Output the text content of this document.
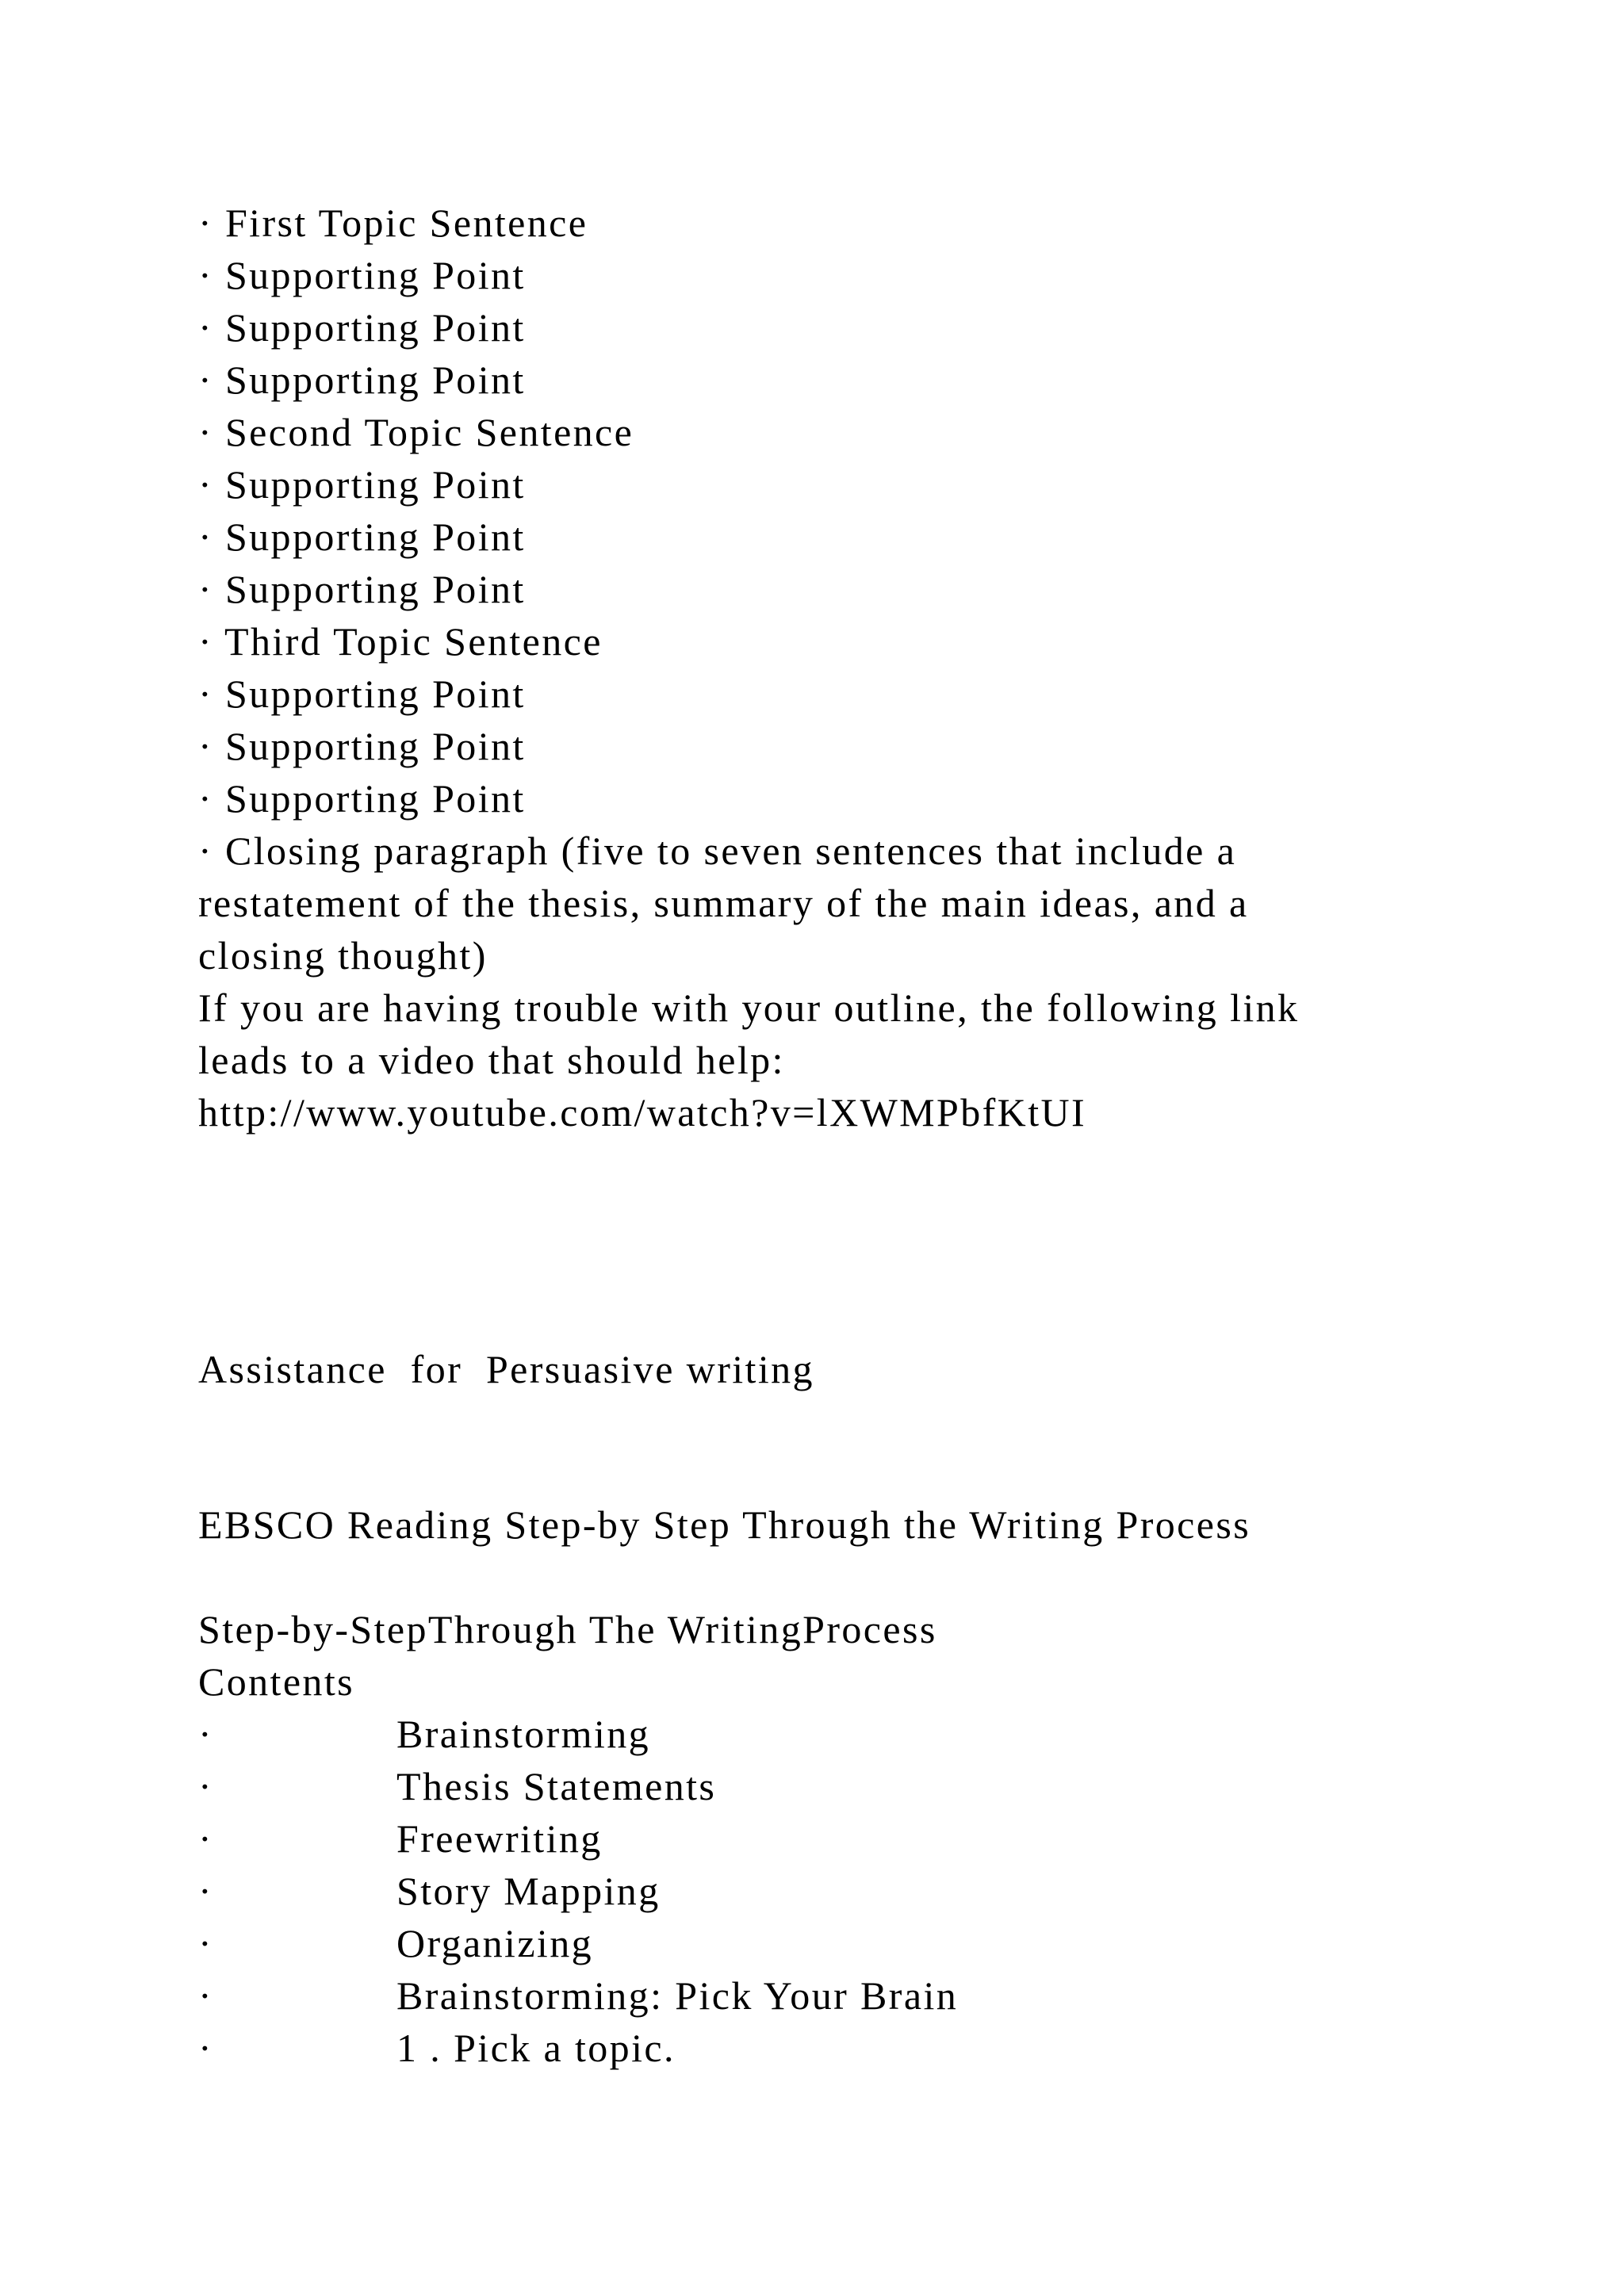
· First Topic Sentence
· Supporting Point
· Supporting Point
· Supporting Point
· Second Topic Sentence
· Supporting Point
· Supporting Point
· Supporting Point
· Third Topic Sentence
· Supporting Point
· Supporting Point
· Supporting Point
· Closing paragraph (five to seven sentences that include a
restatement of the thesis, summary of the main ideas, and a
closing thought)
If you are having trouble with your outline, the following link
leads to a video that should help:
http://www.youtube.com/watch?v=lXWMPbfKtUI

Assistance  for  Persuasive writing

EBSCO Reading Step-by Step Through the Writing Process

Step-by-StepThrough The WritingProcess
Contents
·	Brainstorming
·	Thesis Statements
·	Freewriting
·	Story Mapping
·	Organizing
·	Brainstorming: Pick Your Brain
·	1 . Pick a topic.
